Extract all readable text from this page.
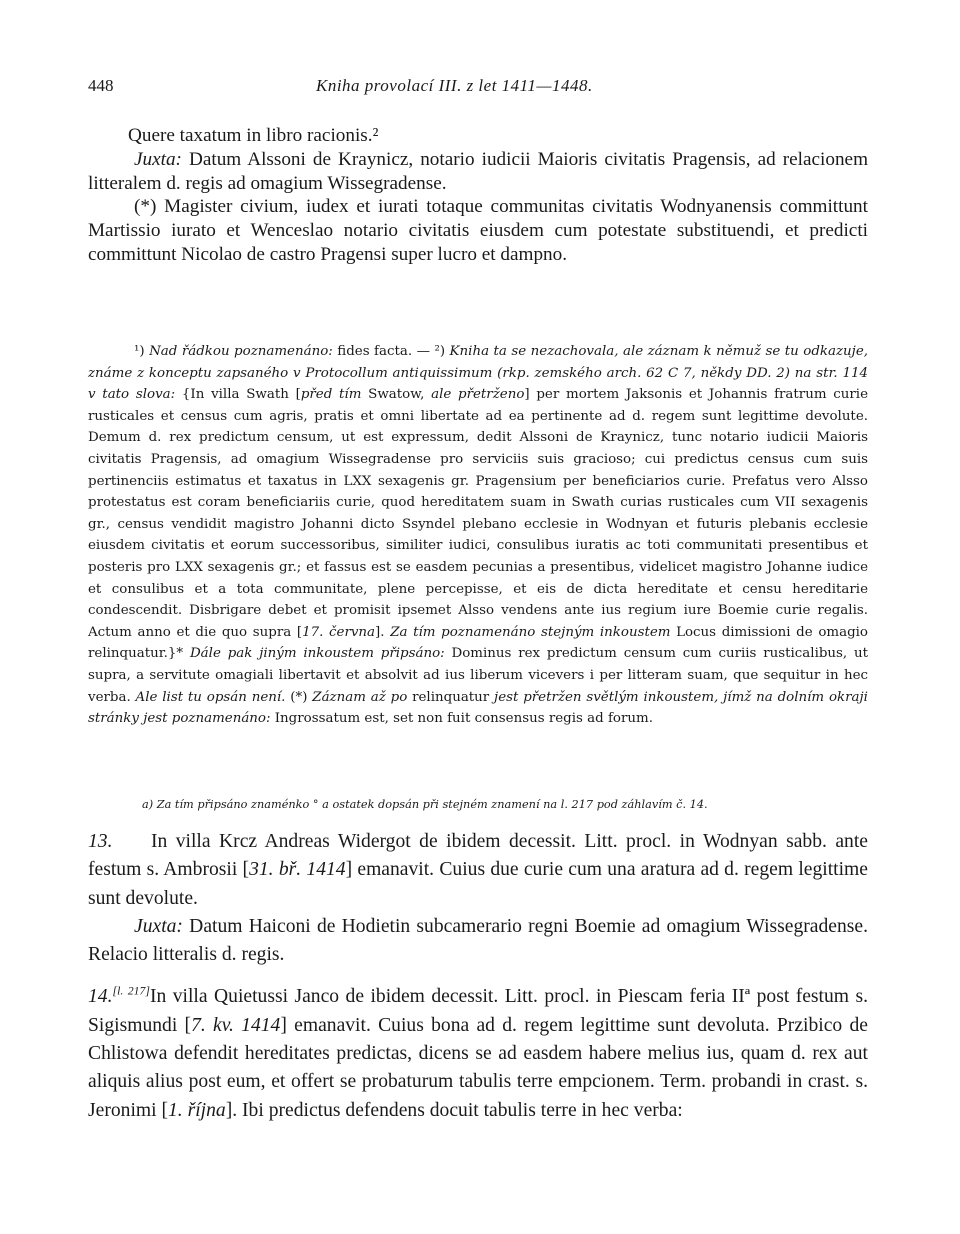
448	Kniha provolací III. z let 1411—1448.

Quere taxatum in libro racionis.²

Juxta: Datum Alssoni de Kraynicz, notario iudicii Maioris civitatis Pragensis, ad relacionem litteralem d. regis ad omagium Wissegradense.

(*) Magister civium, iudex et iurati totaque communitas civitatis Wodnyanensis committunt Martissio iurato et Wenceslao notario civitatis eiusdem cum potestate substituendi, et predicti committunt Nicolao de castro Pragensi super lucro et dampno.

¹) Nad řádkou poznamenáno: fides facta. — ²) Kniha ta se nezachovala, ale záznam k němuž se tu odkazuje, známe z konceptu zapsaného v Protocollum antiquissimum (rkp. zemského arch. 62 C 7, někdy DD. 2) na str. 114 v tato slova: {In villa Swath [před tím Swatow, ale přetrženo] per mortem Jaksonis et Johannis fratrum curie rusticales et census cum agris, pratis et omni libertate ad ea pertinente ad d. regem sunt legittime devolute. Demum d. rex predictum censum, ut est expressum, dedit Alssoni de Kraynicz, tunc notario iudicii Maioris civitatis Pragensis, ad omagium Wissegradense pro serviciis suis gracioso; cui predictus census cum suis pertinenciis estimatus et taxatus in LXX sexagenis gr. Pragensium per beneficiarios curie. Prefatus vero Alsso protestatus est coram beneficiariis curie, quod hereditatem suam in Swath curias rusticales cum VII sexagenis gr., census vendidit magistro Johanni dicto Ssyndel plebano ecclesie in Wodnyan et futuris plebanis ecclesie eiusdem civitatis et eorum successoribus, similiter iudici, consulibus iuratis ac toti communitati presentibus et posteris pro LXX sexagenis gr.; et fassus est se easdem pecunias a presentibus, videlicet magistro Johanne iudice et consulibus et a tota communitate, plene percepisse, et eis de dicta hereditate et censu hereditarie condescendit. Disbrigare debet et promisit ipsemet Alsso vendens ante ius regium iure Boemie curie regalis. Actum anno et die quo supra [17. června]. Za tím poznamenáno stejným inkoustem Locus dimissioni de omagio relinquatur.}* Dále pak jiným inkoustem připsáno: Dominus rex predictum censum cum curiis rusticalibus, ut supra, a servitute omagiali libertavit et absolvit ad ius liberum vicevers i per litteram suam, que sequitur in hec verba. Ale list tu opsán není. (*) Záznam až po relinquatur jest přetržen světlým inkoustem, jímž na dolním okraji stránky jest poznamenáno: Ingrossatum est, set non fuit consensus regis ad forum.

a) Za tím připsáno znaménko ° a ostatek dopsán při stejném znamení na l. 217 pod záhlavím č. 14.

13. In villa Krcz Andreas Widergot de ibidem decessit. Litt. procl. in Wodnyan sabb. ante festum s. Ambrosii [31. bř. 1414] emanavit. Cuius due curie cum una aratura ad d. regem legittime sunt devolute.

Juxta: Datum Haiconi de Hodietin subcamerario regni Boemie ad omagium Wissegradense. Relacio litteralis d. regis.

14.[l. 217]In villa Quietussi Janco de ibidem decessit. Litt. procl. in Piescam feria IIª post festum s. Sigismundi [7. kv. 1414] emanavit. Cuius bona ad d. regem legittime sunt devoluta. Przibico de Chlistowa defendit hereditates predictas, dicens se ad easdem habere melius ius, quam d. rex aut aliquis alius post eum, et offert se probaturum tabulis terre empcionem. Term. probandi in crast. s. Jeronimi [1. října]. Ibi predictus defendens docuit tabulis terre in hec verba:
